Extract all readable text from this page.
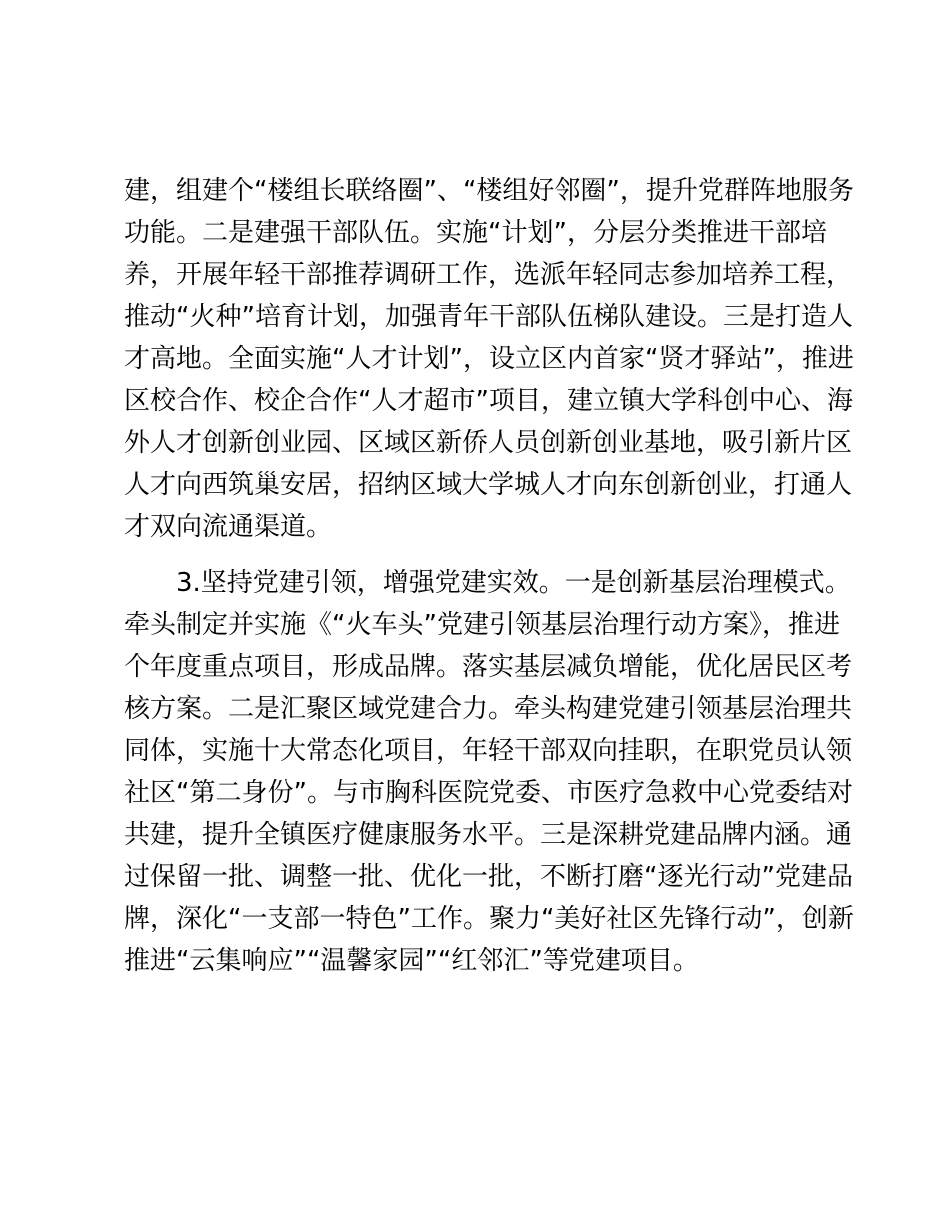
建，组建个“楼组长联络圈”、“楼组好邻圈”，提升党群阵地服务
功能。二是建强干部队伍。实施“计划”，分层分类推进干部培
养，开展年轻干部推荐调研工作，选派年轻同志参加培养工程，
推动“火种”培育计划，加强青年干部队伍梯队建设。三是打造人
才高地。全面实施“人才计划”，设立区内首家“贤才驿站”，推进
区校合作、校企合作“人才超市”项目，建立镇大学科创中心、海
外人才创新创业园、区域区新侨人员创新创业基地，吸引新片区
人才向西筑巢安居，招纳区域大学城人才向东创新创业，打通人
才双向流通渠道。
3.坚持党建引领，增强党建实效。一是创新基层治理模式。
牵头制定并实施《“火车头”党建引领基层治理行动方案》，推进
个年度重点项目，形成品牌。落实基层减负增能，优化居民区考
核方案。二是汇聚区域党建合力。牵头构建党建引领基层治理共
同体，实施十大常态化项目，年轻干部双向挂职，在职党员认领
社区“第二身份”。与市胸科医院党委、市医疗急救中心党委结对
共建，提升全镇医疗健康服务水平。三是深耕党建品牌内涵。通
过保留一批、调整一批、优化一批，不断打磨“逐光行动”党建品
牌，深化“一支部一特色”工作。聚力“美好社区先锋行动”，创新
推进“云集响应”“温馨家园”“红邻汇”等党建项目。
